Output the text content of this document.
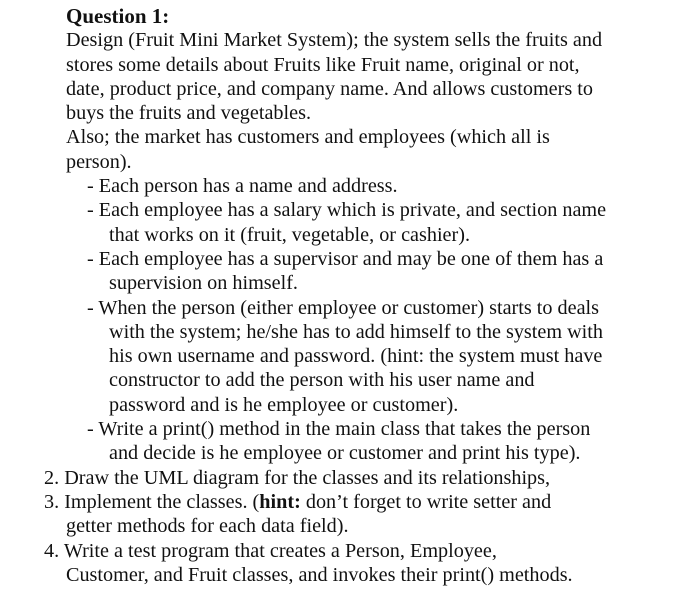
Question 1:
Design (Fruit Mini Market System); the system sells the fruits and
stores some details about Fruits like Fruit name, original or not,
date, product price, and company name. And allows customers to
buys the fruits and vegetables.
Also; the market has customers and employees (which all is
person).
- Each person has a name and address.
- Each employee has a salary which is private, and section name
that works on it (fruit, vegetable, or cashier).
- Each employee has a supervisor and may be one of them has a
supervision on himself.
- When the person (either employee or customer) starts to deals
with the system; he/she has to add himself to the system with
his own username and password. (hint: the system must have
constructor to add the person with his user name and
password and is he employee or customer).
- Write a print() method in the main class that takes the person
and decide is he employee or customer and print his type).
2. Draw the UML diagram for the classes and its relationships,
3. Implement the classes. (hint: don’t forget to write setter and
getter methods for each data field).
4. Write a test program that creates a Person, Employee,
Customer, and Fruit classes, and invokes their print() methods.
